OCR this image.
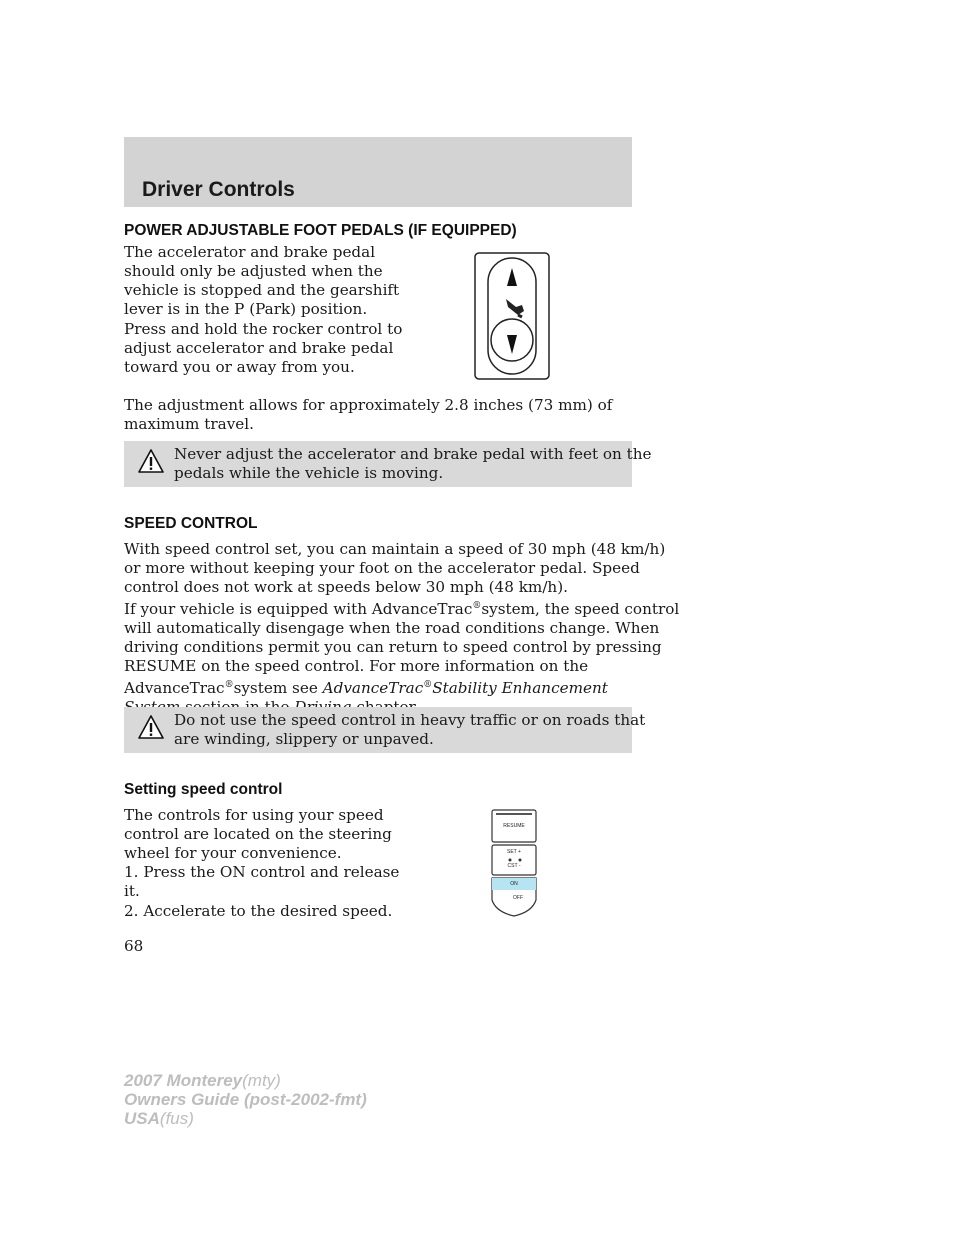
Driver Controls
POWER ADJUSTABLE FOOT PEDALS (IF EQUIPPED)
The accelerator and brake pedal
should only be adjusted when the
vehicle is stopped and the gearshift
lever is in the P (Park) position.
Press and hold the rocker control to
adjust accelerator and brake pedal
toward you or away from you.
The adjustment allows for approximately 2.8 inches (73 mm) of
maximum travel.
Never adjust the accelerator and brake pedal with feet on the
pedals while the vehicle is moving.
SPEED CONTROL
With speed control set, you can maintain a speed of 30 mph (48 km/h)
or more without keeping your foot on the accelerator pedal. Speed
control does not work at speeds below 30 mph (48 km/h).
If your vehicle is equipped with AdvanceTrac®system, the speed control
will automatically disengage when the road conditions change. When
driving conditions permit you can return to speed control by pressing
RESUME on the speed control. For more information on the
AdvanceTrac®system see AdvanceTrac®Stability Enhancement
Do not use the speed control in heavy traffic or on roads that
are winding, slippery or unpaved.
Setting speed control
The controls for using your speed
control are located on the steering
wheel for your convenience.
1. Press the ON control and release
it.
2. Accelerate to the desired speed.
RESUME
SET +
CST -
ON
OFF
68
2007 Monterey(mty)
Owners Guide (post-2002-fmt)
USA(fus)
